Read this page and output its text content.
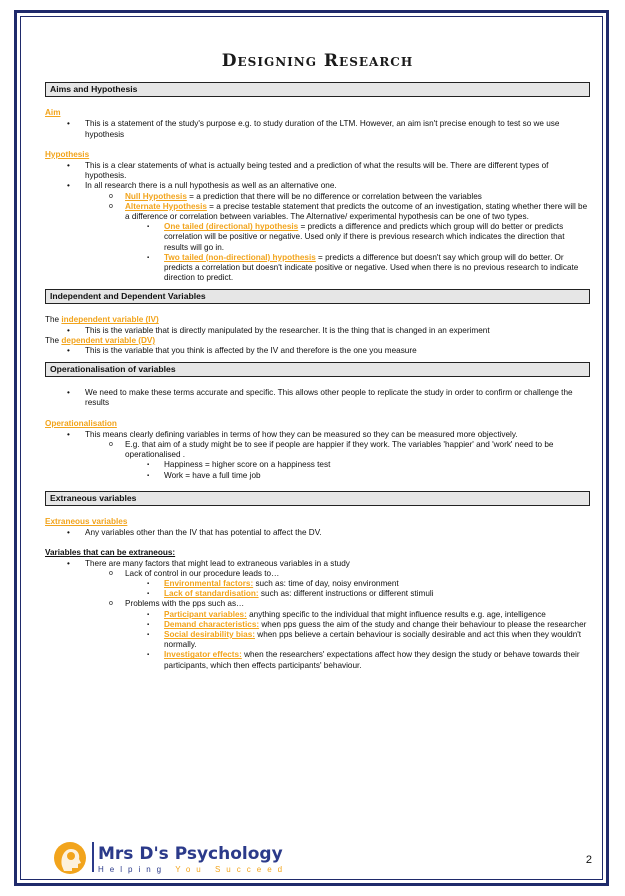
Designing Research
Aims and Hypothesis
Aim
• This is a statement of the study's purpose e.g. to study duration of the LTM. However, an aim isn't precise enough to test so we use hypothesis
Hypothesis
• This is a clear statements of what is actually being tested and a prediction of what the results will be. There are different types of hypothesis.
• In all research there is a null hypothesis as well as an alternative one.
o Null Hypothesis = a prediction that there will be no difference or correlation between the variables
o Alternate Hypothesis = a precise testable statement that predicts the outcome of an investigation, stating whether there will be a difference or correlation between variables. The Alternative/ experimental hypothesis can be one of two types.
▪ One tailed (directional) hypothesis = predicts a difference and predicts which group will do better or predicts correlation will be positive or negative. Used only if there is previous research which indicates the direction that results will go in.
▪ Two tailed (non-directional) hypothesis = predicts a difference but doesn't say which group will do better. Or predicts a correlation but doesn't indicate positive or negative. Used when there is no previous research to indicate direction to predict.
Independent and Dependent Variables
The independent variable (IV)
• This is the variable that is directly manipulated by the researcher. It is the thing that is changed in an experiment
The dependent variable (DV)
• This is the variable that you think is affected by the IV and therefore is the one you measure
Operationalisation of variables
• We need to make these terms accurate and specific. This allows other people to replicate the study in order to confirm or challenge the results
Operationalisation
• This means clearly defining variables in terms of how they can be measured so they can be measured more objectively.
o E.g. that aim of a study might be to see if people are happier if they work. The variables 'happier' and 'work' need to be operationalised .
▪ Happiness = higher score on a happiness test
▪ Work = have a full time job
Extraneous variables
Extraneous variables
• Any variables other than the IV that has potential to affect the DV.
Variables that can be extraneous:
• There are many factors that might lead to extraneous variables in a study
o Lack of control in our procedure leads to…
▪ Environmental factors: such as: time of day, noisy environment
▪ Lack of standardisation: such as: different instructions or different stimuli
o Problems with the pps such as…
▪ Participant variables: anything specific to the individual that might influence results e.g. age, intelligence
▪ Demand characteristics: when pps guess the aim of the study and change their behaviour to please the researcher
▪ Social desirability bias: when pps believe a certain behaviour is socially desirable and act this when they wouldn't normally.
▪ Investigator effects: when the researchers' expectations affect how they design the study or behave towards their participants, which then effects participants' behaviour.
Mrs D's Psychology
Helping You Succeed
2
